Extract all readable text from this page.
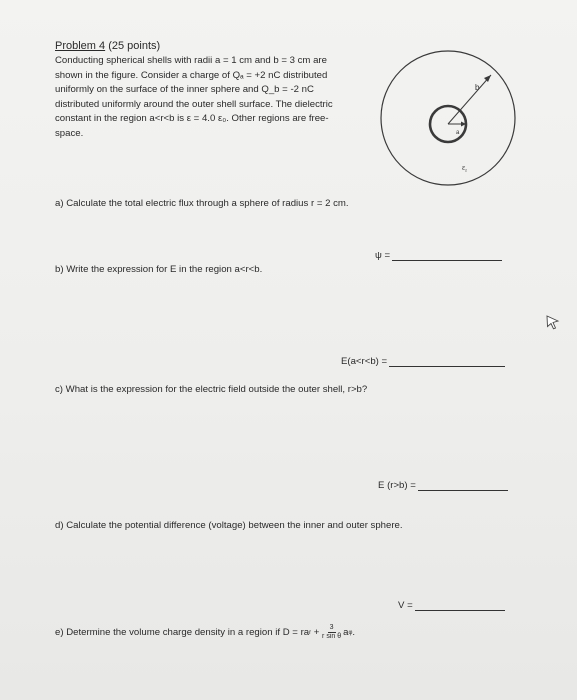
Problem 4 (25 points)

Conducting spherical shells with radii a = 1 cm and b = 3 cm are

shown in the figure. Consider a charge of Qₐ = +2 nC distributed

uniformly on the surface of the inner sphere and Q_b = -2 nC

distributed uniformly around the outer shell surface. The dielectric

constant in the region a<r<b is ε = 4.0 ε₀. Other regions are free-

space.

b
a
$\varepsilon_r$
a) Calculate the total electric flux through a sphere of radius r = 2 cm.
ψ =
b) Write the expression for E in the region a<r<b.
E(a<r<b) =
c) What is the expression for the electric field outside the outer shell, r>b?
E (r>b) =
d) Calculate the potential difference (voltage) between the inner and outer sphere.
V =
e) Determine the volume charge density in a region if D = ra $r + \frac{3}{\text{r sin θ}}$ a φ .
